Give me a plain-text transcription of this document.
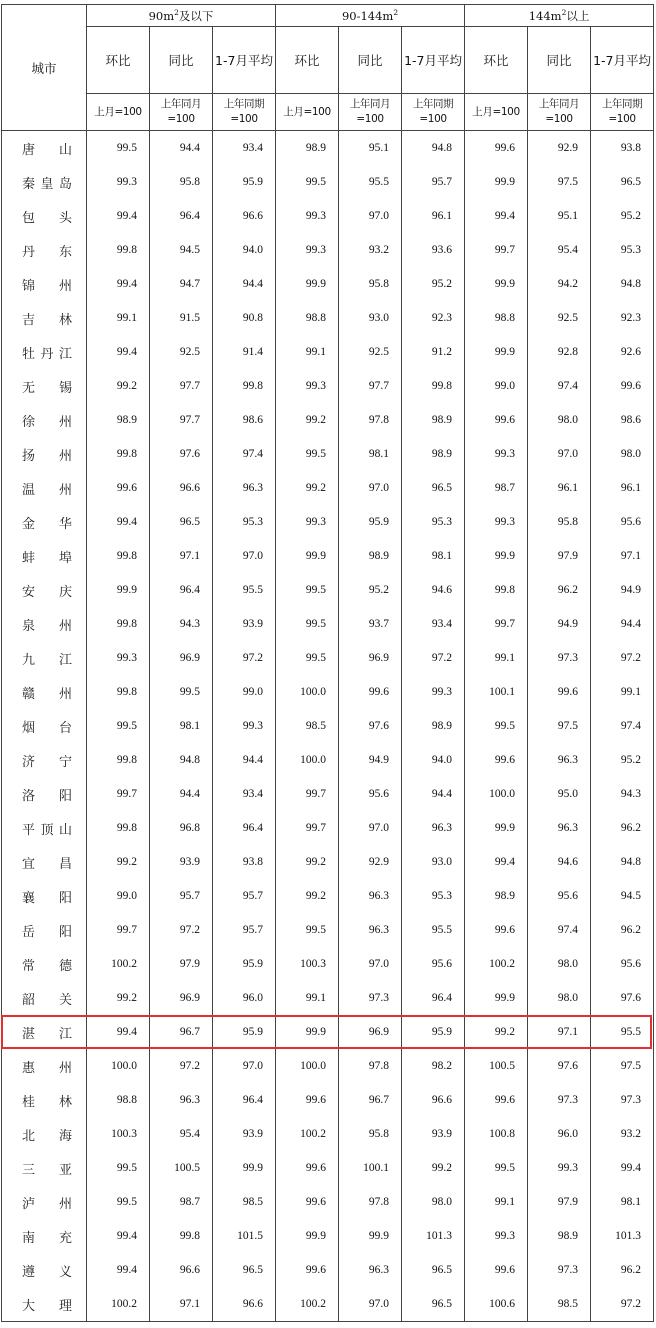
城市	$90m^2$及以下			$90-144m^2$			$144m^2$以上		
	环比	同比	1-7月平均	环比	同比	1-7月平均	环比	同比	1-7月平均
	上月=100	上年同月=100	上年同期=100	上月=100	上年同月=100	上年同期=100	上月=100	上年同月=100	上年同期=100

唐 山	99.5	94.4	93.4	98.9	95.1	94.8	99.6	92.9	93.8

秦 皇 岛	99.3	95.8	95.9	99.5	95.5	95.7	99.9	97.5	96.5

包 头	99.4	96.4	96.6	99.3	97.0	96.1	99.4	95.1	95.2

丹 东	99.8	94.5	94.0	99.3	93.2	93.6	99.7	95.4	95.3

锦 州	99.4	94.7	94.4	99.9	95.8	95.2	99.9	94.2	94.8

吉 林	99.1	91.5	90.8	98.8	93.0	92.3	98.8	92.5	92.3

牡 丹 江	99.4	92.5	91.4	99.1	92.5	91.2	99.9	92.8	92.6

无 锡	99.2	97.7	99.8	99.3	97.7	99.8	99.0	97.4	99.6

徐 州	98.9	97.7	98.6	99.2	97.8	98.9	99.6	98.0	98.6

扬 州	99.8	97.6	97.4	99.5	98.1	98.9	99.3	97.0	98.0

温 州	99.6	96.6	96.3	99.2	97.0	96.5	98.7	96.1	96.1

金 华	99.4	96.5	95.3	99.3	95.9	95.3	99.3	95.8	95.6

蚌 埠	99.8	97.1	97.0	99.9	98.9	98.1	99.9	97.9	97.1

安 庆	99.9	96.4	95.5	99.5	95.2	94.6	99.8	96.2	94.9

泉 州	99.8	94.3	93.9	99.5	93.7	93.4	99.7	94.9	94.4

九 江	99.3	96.9	97.2	99.5	96.9	97.2	99.1	97.3	97.2

赣 州	99.8	99.5	99.0	100.0	99.6	99.3	100.1	99.6	99.1

烟 台	99.5	98.1	99.3	98.5	97.6	98.9	99.5	97.5	97.4

济 宁	99.8	94.8	94.4	100.0	94.9	94.0	99.6	96.3	95.2

洛 阳	99.7	94.4	93.4	99.7	95.6	94.4	100.0	95.0	94.3

平 顶 山	99.8	96.8	96.4	99.7	97.0	96.3	99.9	96.3	96.2

宜 昌	99.2	93.9	93.8	99.2	92.9	93.0	99.4	94.6	94.8

襄 阳	99.0	95.7	95.7	99.2	96.3	95.3	98.9	95.6	94.5

岳 阳	99.7	97.2	95.7	99.5	96.3	95.5	99.6	97.4	96.2

常 德	100.2	97.9	95.9	100.3	97.0	95.6	100.2	98.0	95.6

韶 关	99.2	96.9	96.0	99.1	97.3	96.4	99.9	98.0	97.6

湛 江	99.4	96.7	95.9	99.9	96.9	95.9	99.2	97.1	95.5

惠 州	100.0	97.2	97.0	100.0	97.8	98.2	100.5	97.6	97.5

桂 林	98.8	96.3	96.4	99.6	96.7	96.6	99.6	97.3	97.3

北 海	100.3	95.4	93.9	100.2	95.8	93.9	100.8	96.0	93.2

三 亚	99.5	100.5	99.9	99.6	100.1	99.2	99.5	99.3	99.4

泸 州	99.5	98.7	98.5	99.6	97.8	98.0	99.1	97.9	98.1

南 充	99.4	99.8	101.5	99.9	99.9	101.3	99.3	98.9	101.3

遵 义	99.4	96.6	96.5	99.6	96.3	96.5	99.6	97.3	96.2

大 理	100.2	97.1	96.6	100.2	97.0	96.5	100.6	98.5	97.2
